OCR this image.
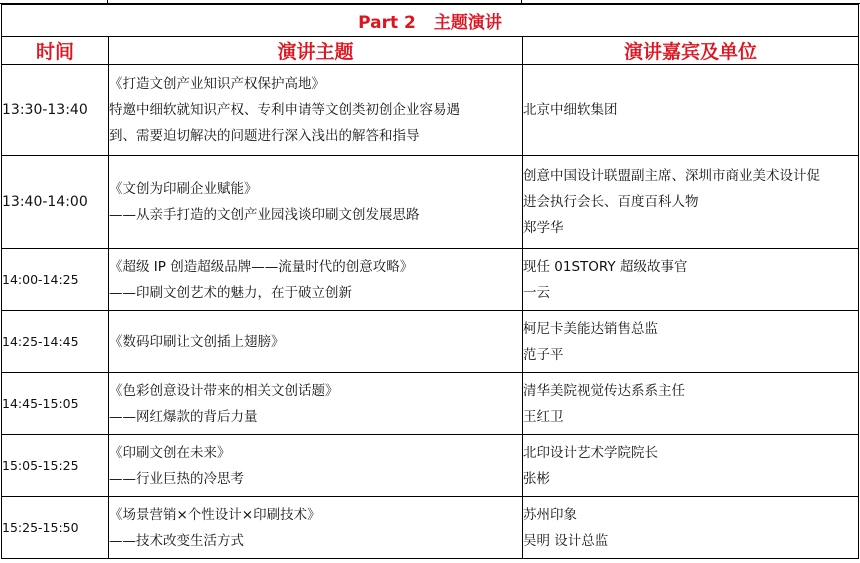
Part 2 主题演讲		
时间	演讲主题	演讲嘉宾及单位
13:30-13:40	《打造文创产业知识产权保护高地》
特邀中细软就知识产权、专利申请等文创类初创企业容易遇
到、需要迫切解决的问题进行深入浅出的解答和指导	北京中细软集团

13:40-14:00	《文创为印刷企业赋能》
——从亲手打造的文创产业园浅谈印刷文创发展思路	创意中国设计联盟副主席、深圳市商业美术设计促
进会执行会长、百度百科人物
郑学华

14:00-14:25	《超级 IP 创造超级品牌——流量时代的创意攻略》
——印刷文创艺术的魅力，在于破立创新	现任 01STORY 超级故事官
一云

14:25-14:45	《数码印刷让文创插上翅膀》	柯尼卡美能达销售总监
范子平

14:45-15:05	《色彩创意设计带来的相关文创话题》
——网红爆款的背后力量	清华美院视觉传达系系主任
王红卫

15:05-15:25	《印刷文创在未来》
——行业巨热的冷思考	北印设计艺术学院院长
张彬

15:25-15:50	《场景营销×个性设计×印刷技术》
——技术改变生活方式	苏州印象
吴明 设计总监
